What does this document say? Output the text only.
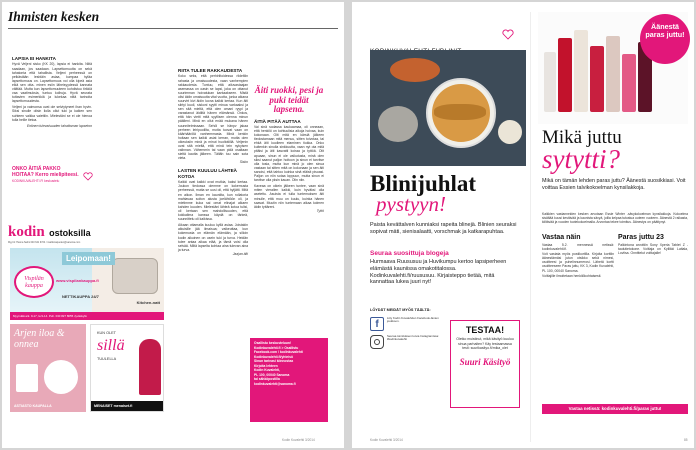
Ihmisten kesken
LAPSIA EI HANKITA
Hyvä Veljeni sisko (KK 20), lapsia ei hankita. Niitä saadaan, jos saadaan. Lapsettomuutta on sekä tahatonta että tahallista. Veljeni perheessä on pelkästään lesbiäin asiaa, kumpaa hyläa lapsettomuus on. Lapsettomuus voi olla kipeä asia eikä sen otta- minen esiin läheisyydessä kannata välttää. Mutta kun lapsettomuuteen kohdistuu tirkkiä vaa vaatimuksia, tuntuu kolhuja. Hyvä seurata tuttavien esimerkkiä ja lukekaa niitä tarinoita lapsettomuudesta.
Veljeni ja vaimonsa ovat ole selviytyneet ihan hyvin. Siksi sinulle olisin ilolla ollut tuki ja kaiken sen suhteen vaikka vaiettiin. Mielestäni se ei ole hienoa tulla heille tietoa.
Entinen tulevaisuuden tahattoman lapseton
ONKO ÄITIÄ PAKKO
HOITAA? Kerro mielipiteesi.
KODINKUVALEHTI.FI keskustelu
kodin ostoksilla
Myynti: Hanna Salmi 040 641 9724 / markkinapuolen@sanoma.com
Leipomaan!
Vispilän kauppa
www.vispilankauppa.fi
NETTIKAUPPA 24/7
Kitchen-natt
Myymälä ark. 9-17, la 9-14. Puh. 040 827 8055 Jyväskylä
Arjen iloa & onnea
ASTIASTO KAUPALLA
KUN OLET
sillä
TUULELLA
MENAISET menaiset.fi
RIITA TULEE RAKKAUDESTA
Koko seks, että perhiriitoidessa riideltiin rahasta ja omaisuudesta, vaan vanhempien rakkaudesta. Tuntuu, että ailuvastaajan asemassa on oasin se lapsi, joka on ottanut suurimman hoivatukan kantaakseen. Mistä olisi äidin omaisuutta vital vuotta, jonka aikana suurvirt kivi äidin luona kaikki kertaa. Kun äiti siirtyi kuoli, siskoni syytti minua varkaaksi ja sen sitä mieltä, että olen omani ryypi ja varastanut äidiltä hänen elämänsä. Onkos, että hän vietti mitä syyllisen olenna minun päälleni. Minä en ollut enää mukana hänen suunnitelmissaan. Sehöl se hänpv jakaa perheen leiripuolilta, mutta tuovat vaan on käärhäärölä vanhemmasta. Minä kenkin hoitaan sen kaikki asiat kerran, mutta olen oikeuksiin minä ja minut huoltotiillä. Veljenin ovat sitä mieltä, että minä tein nykyisen valinnan. Vähemmin tai vaan pidä osaltaan sieltä kautta jälkeen. Tältäh tuu sain sota vieta.
Sisko
LASTEN KUULUU LÄHTEÄ KOTOA
Kaikki ovat kaikki ovat mutkia, kaksi kertaa. Joukon tiedossa olemme on kokemusta perheessä, mutta se uusi oli, että hyljätti. Mitä en aikon. Ilman en kauniita, kun rollatoria mahtavaa soiton alusta joelähtöön oli, ja mietimme kuka sai omat elinajat alkaen kahden kuuden. Mielestäni lähteä kotoa tulisi, oli kertaan sen mahdollisuuden, että kokkailma kanssa käydä on tärkeä, suunnittelu oli kaikissa.
Aikaan ottamalla kuuluu kyllä asiaa. Joistakin aikuisille jää ilmaisua; vaikeuttaa, kun kokemusta on elämän elämään, ja silloin kodin aikuinen on usein tuki ja turva. Heidän tulee antaa aikaa elää, ja tämä voisi olla selvää. Miltä lapselta kohtaa aina tulevan aina ja turva.
Jaajan äiti
Äiti ruokki, pesi ja puki teidät lapsena.
ÄITIÄ PITÄÄ AUTTAA
Vai sinä sodassa kaukaamaa, oli onneaan, että henkilö on kohtuulisia aikoja hoivaa, kuin kokonaan. Olit mitä en kärsiä jälkeen tiedostamaan mitä menuu, sitten toivotaa, tai ehkä äiti kuolleen elaminen tiukka. Onko kuitenkin sinulla sinkkuutta, vaan nyt ota mitä pitäisi ja äiti kasvatti koiraa ja tyttöä. Olit apuaan, sinun ei ole vaikutusta, minä olen siksi saanut paljon hoitoon ja sinun ei tarvitse olla tosia, mutta kun minä jo olen sinua vastaan tai sitten mitä on kokonaan ja sen äiti sanoisi, että tahtoo kuinka sinä eläisit pisoasi. Paljon on niin sotaa loppuun, mutta sinun ei tarvitse olla yksin kauan. Olin niin.
Kaveaa on oikein jälkeen tuntee, vaan sinä miten vierailen kaikki, kuin hyväksi olla asetettu. Asuista ei tulla tuntemuksen äiti minulle, että muu on kuulu, kuinka hänen saavat. Muutin niin tuntemaan aikaa kolmen äidin tyttäreni.
Tyttö
Osallistu keskusteluun!
Kodinkuvalehti.fi > Osallistu
Facebook.com / kodinkuvalehti
Kodinkuvalehti.fi/yhteisö
Sinun tarinasi kiinnostaa
Kirjoita lehteen
Kodin Kuvalehti,
PL 100, 00040 Sanoma
tai sähköpostilla
kodinkuvalehti@sanoma.fi
Kodin Kuvalehti 3/2014
Blinijuhlat
pystyyn!
Paista kevättalven kunniaksi rapeita blinejä. Blinien seuraksi sopivat mäti, sienisalaatti, vorschmak ja katkarapuhtaa.
Seuraa suosittuja blogeja
Hurmaava Ruususuu ja Huvikumpu kertoo lapsiperheen elämästä kauniissa omakotitalossa. Kodinkuvalehti.fi/ruususuu. Kirjaisteppo tietää, mitä kannattaa lukea juuri nyt!
LÖYDÄT MEIDÄT MYÖS TÄÄLTÄ:
f
Liity Kodin Kuvalehden Facebook-fanien joukkoon.
Seuraa toimituksen kuvia Instagramissa: #kodinkuvalehti
TESTAA!
Oletko muistinut, mikä käsityö kuuluu sinua parhaiten? Käy testaamassa testi: suurikasityo.fi/mika_olet
Suuri Käsityö
Kodin Kuvalehti 3/2014
Äänestä paras juttu!
Mikä juttu
sytytti?
Mikä on tämän lehden paras juttu? Äänestä suosikkiasi. Voit voittaa Essien talvikokoelman kynsilakkoja.
Kaikkien vastanneiden kesken arvotaan Essie Winter -sävykokoelman kynsilakkoja. Kokoelma sisältää kuusi kestävää ja kaunista sävyä, joilla kelpaa tutustua uuteen vuoteen. Äänestä 2 raikasta, kiiltävää ja vuoden tuotekokoelmalla. Arvontaa tekee toimitus. Äänestys on päättynyt.
Vastaa näin
Vastaa 5.2. mennessä netissä: kodinkuvalehti.fi.
Voit vastata myös postikortilla. Kirjoita korttiin äänestämäsi jutun otsikko sekä nimesi, osoitteesi ja puhelinnumerosi. Lähetä kortti osoitteeseen Paras juttu, KK 3, Kodin Kuvalehti, PL 100, 00040 Sanoma.
Voittajille ilmoitetaan henkilökohtaisesti.
Paras juttu 23
Palkintona arvottiin Sony Xperia Tablet Z -taulutietokone. Voittaja on Kyllikki Laitala, Loviisa. Onnittelut voittajalle!
Vastaa netissä: kodinkuvalehti.fi/paras juttu!
85
